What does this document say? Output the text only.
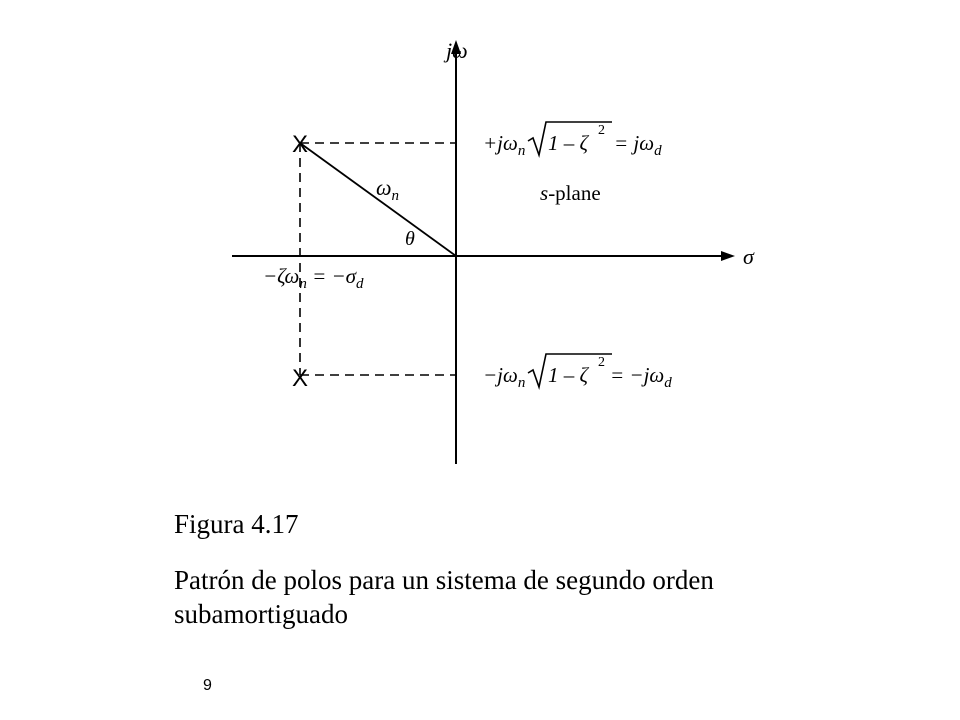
jω
σ
X
X
$\omega_n$
θ
s-plane
$+j\omega_n$ 1 – ζ
2
= $j\omega_d$
$-j\omega_n$ 1 – ζ
2
= $-j\omega_d$
$-\zeta\omega_n = -\sigma_d$
Figura 4.17
Patrón de polos para un sistema de segundo orden subamortiguado
9
